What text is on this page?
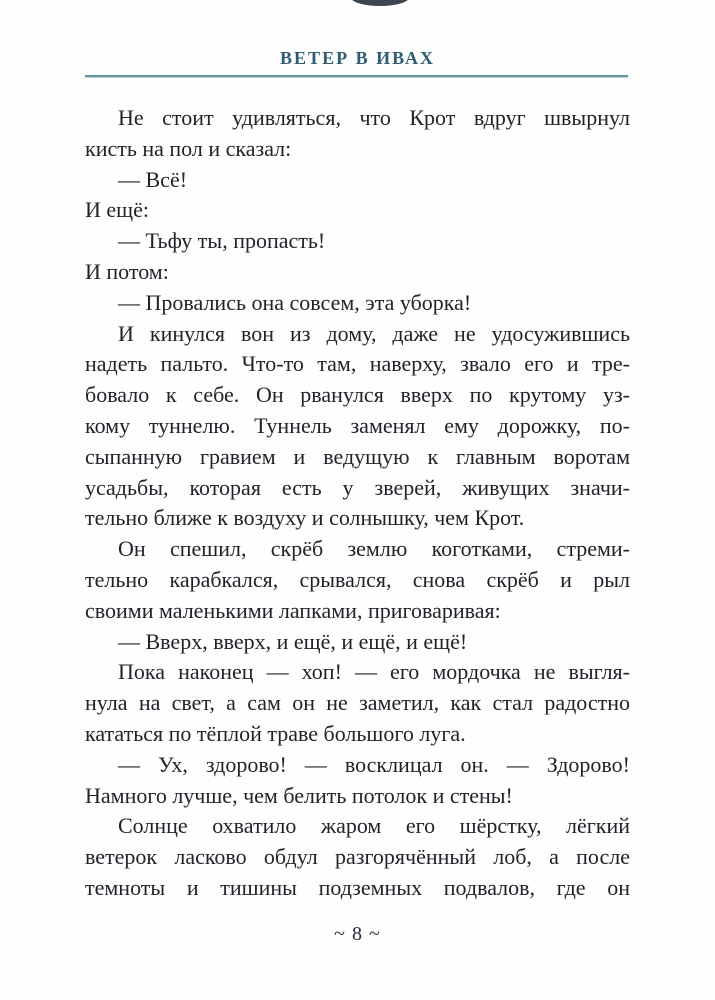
ВЕТЕР В ИВАХ
Не стоит удивляться, что Крот вдруг швырнул
кисть на пол и сказал:
— Всё!
И ещё:
— Тьфу ты, пропасть!
И потом:
— Провались она совсем, эта уборка!
И кинулся вон из дому, даже не удосужившись
надеть пальто. Что-то там, наверху, звало его и тре-
бовало к себе. Он рванулся вверх по крутому уз-
кому туннелю. Туннель заменял ему дорожку, по-
сыпанную гравием и ведущую к главным воротам
усадьбы, которая есть у зверей, живущих значи-
тельно ближе к воздуху и солнышку, чем Крот.
Он спешил, скрёб землю коготками, стреми-
тельно карабкался, срывался, снова скрёб и рыл
своими маленькими лапками, приговаривая:
— Вверх, вверх, и ещё, и ещё, и ещё!
Пока наконец — хоп! — его мордочка не выгля-
нула на свет, а сам он не заметил, как стал радостно
кататься по тёплой траве большого луга.
— Ух, здорово! — восклицал он. — Здорово!
Намного лучше, чем белить потолок и стены!
Солнце охватило жаром его шёрстку, лёгкий
ветерок ласково обдул разгорячённый лоб, а после
темноты и тишины подземных подвалов, где он
~ 8 ~
